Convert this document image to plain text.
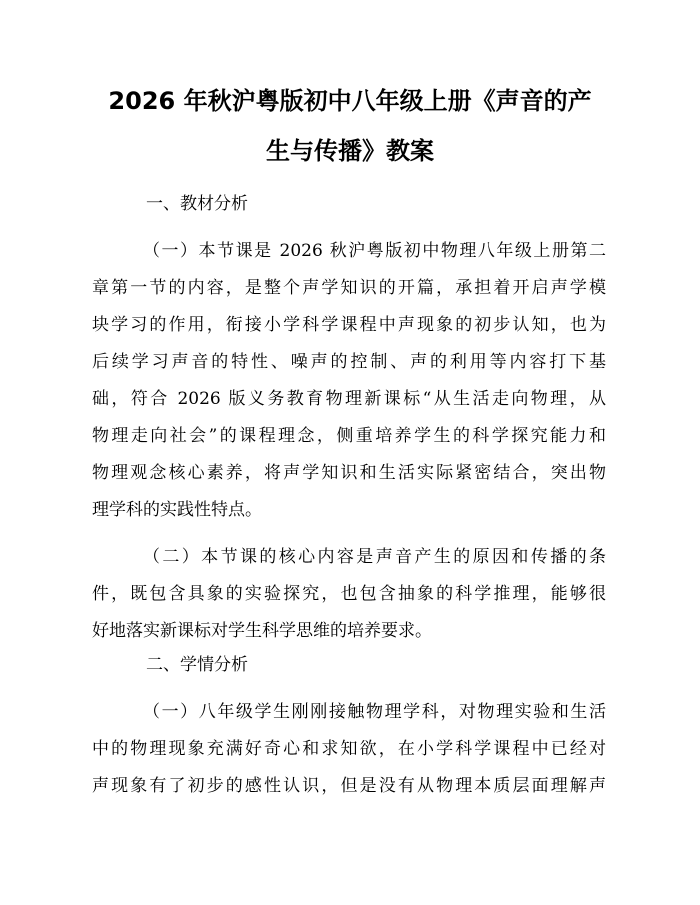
2026 年秋沪粤版初中八年级上册《声音的产
生与传播》教案
一、教材分析
（一）本节课是 2026 秋沪粤版初中物理八年级上册第二
章第一节的内容，是整个声学知识的开篇，承担着开启声学模
块学习的作用，衔接小学科学课程中声现象的初步认知，也为
后续学习声音的特性、噪声的控制、声的利用等内容打下基
础，符合 2026 版义务教育物理新课标“从生活走向物理，从
物理走向社会”的课程理念，侧重培养学生的科学探究能力和
物理观念核心素养，将声学知识和生活实际紧密结合，突出物
理学科的实践性特点。
（二）本节课的核心内容是声音产生的原因和传播的条
件，既包含具象的实验探究，也包含抽象的科学推理，能够很
好地落实新课标对学生科学思维的培养要求。
二、学情分析
（一）八年级学生刚刚接触物理学科，对物理实验和生活
中的物理现象充满好奇心和求知欲，在小学科学课程中已经对
声现象有了初步的感性认识，但是没有从物理本质层面理解声
